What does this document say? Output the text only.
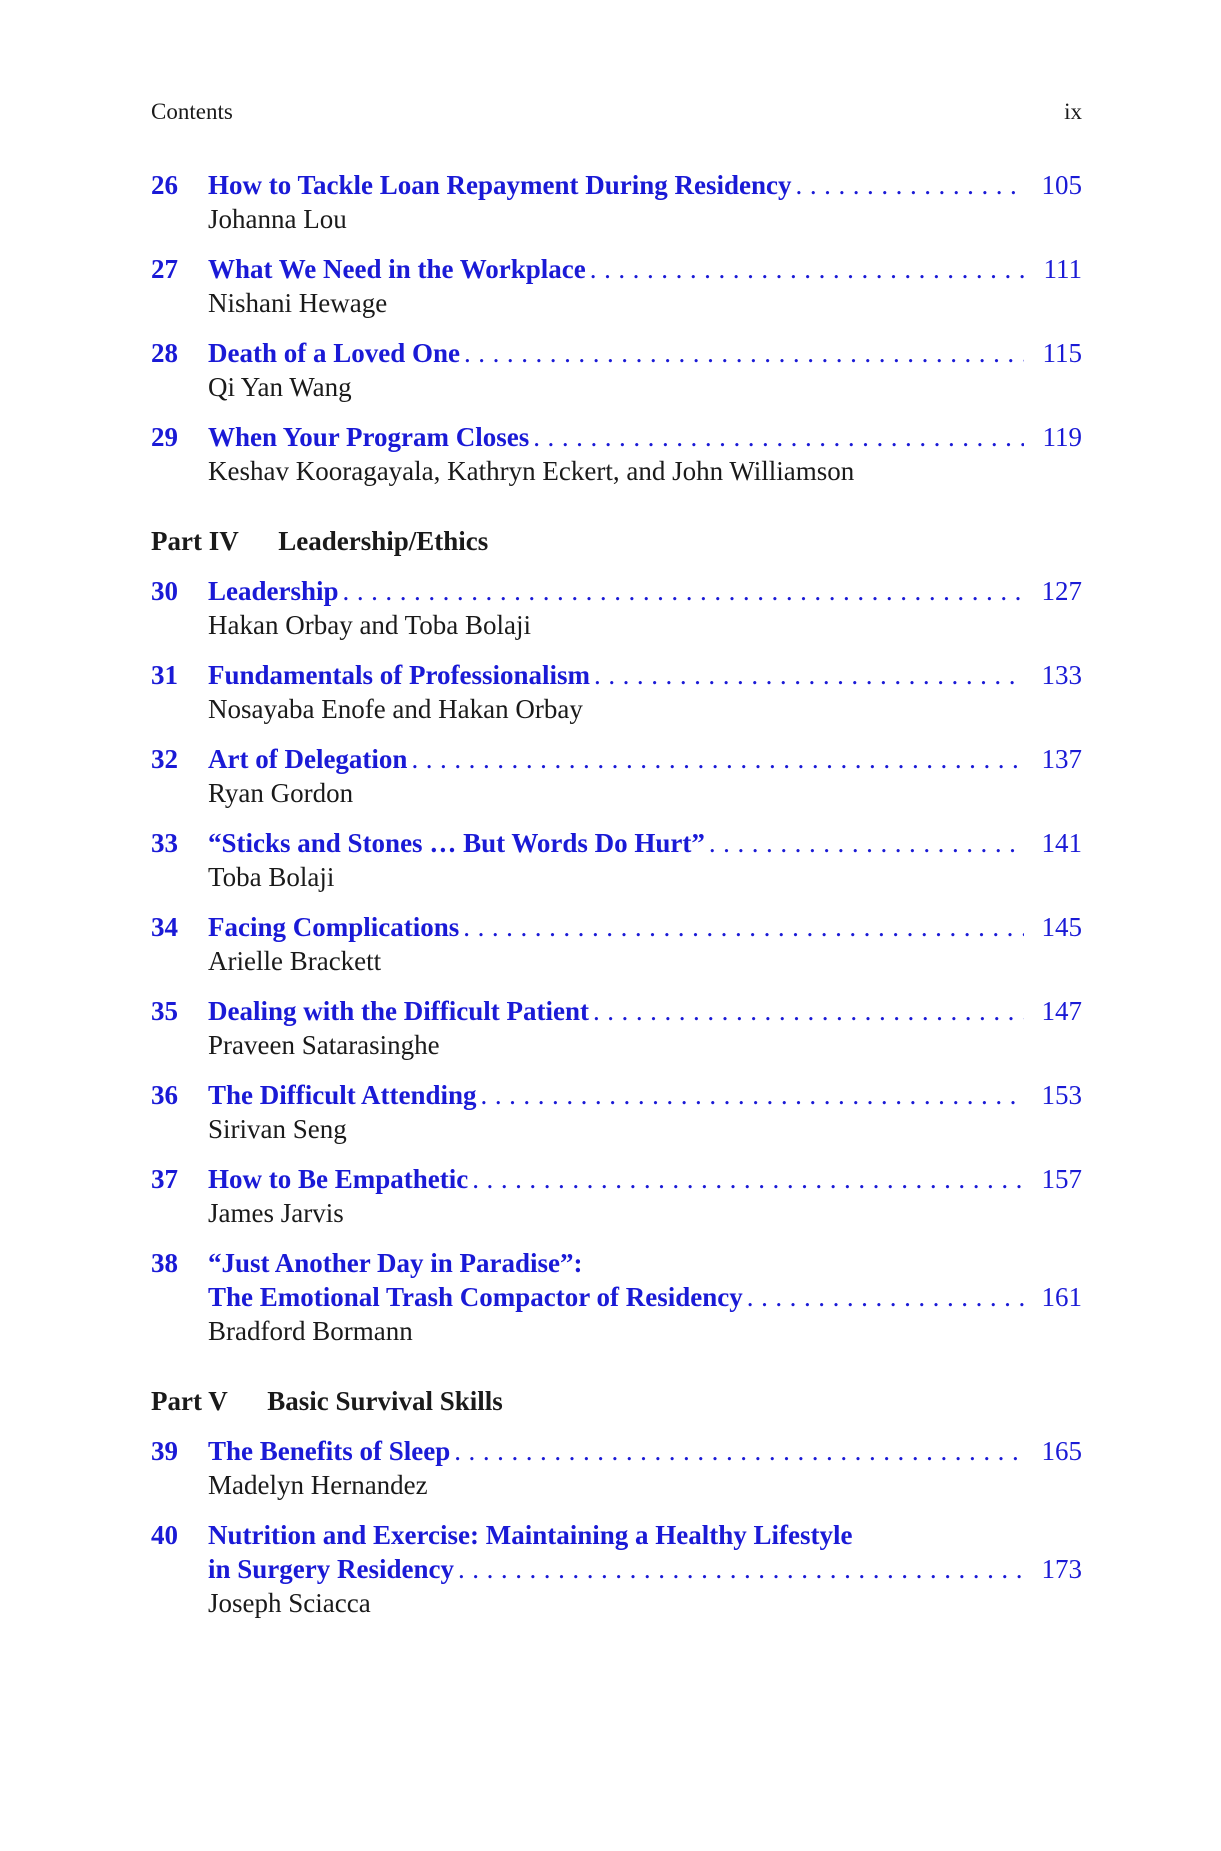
Contents	ix
26 How to Tackle Loan Repayment During Residency . . .	105
Johanna Lou
27 What We Need in the Workplace . . .	111
Nishani Hewage
28 Death of a Loved One . . .	115
Qi Yan Wang
29 When Your Program Closes . . .	119
Keshav Kooragayala, Kathryn Eckert, and John Williamson
Part IV Leadership/Ethics
30 Leadership . . .	127
Hakan Orbay and Toba Bolaji
31 Fundamentals of Professionalism . . .	133
Nosayaba Enofe and Hakan Orbay
32 Art of Delegation . . .	137
Ryan Gordon
33 “Sticks and Stones … But Words Do Hurt” . . .	141
Toba Bolaji
34 Facing Complications . . .	145
Arielle Brackett
35 Dealing with the Difficult Patient . . .	147
Praveen Satarasinghe
36 The Difficult Attending . . .	153
Sirivan Seng
37 How to Be Empathetic . . .	157
James Jarvis
38 “Just Another Day in Paradise”:
The Emotional Trash Compactor of Residency . . .	161
Bradford Bormann
Part V Basic Survival Skills
39 The Benefits of Sleep . . .	165
Madelyn Hernandez
40 Nutrition and Exercise: Maintaining a Healthy Lifestyle
in Surgery Residency . . .	173
Joseph Sciacca
